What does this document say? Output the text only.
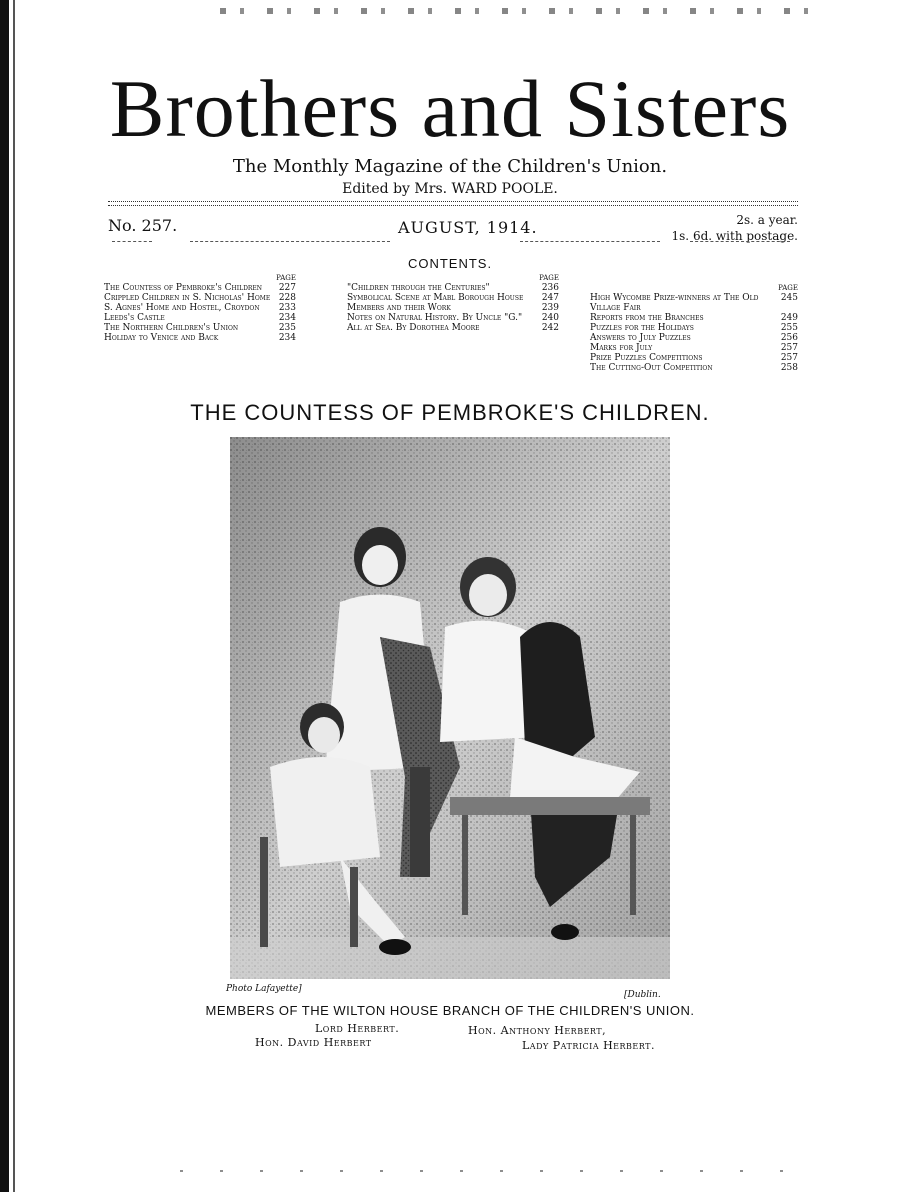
Brothers and Sisters
The Monthly Magazine of the Children's Union.
Edited by Mrs. WARD POOLE.
No. 257.	AUGUST, 1914.	2s. a year.
1s. 6d. with postage.
CONTENTS.
PAGE
The Countess of Pembroke's Children	227
Crippled Children in S. Nicholas' Home 228
S. Agnes' Home and Hostel, Croydon	233
Leeds's Castle	234
The Northern Children's Union	235
Holiday to Venice and Back	234
PAGE
"Children through the Centuries"	236
Symbolical Scene at Mabl Borough House	247
Members and their Work	239
Notes on Natural History. By Uncle "G."	240
All at Sea. By Dorothea Moore	242
PAGE
High Wycombe Prize-winners at The Old Village Fair
245
Reports from the Branches	249
Puzzles for the Holidays	255
Answers to July Puzzles	256
Marks for July	257
Prize Puzzles Competitions	257
The Cutting-Out Competition	258
THE COUNTESS OF PEMBROKE'S CHILDREN.
Photo Lafayette]
[Dublin.
MEMBERS OF THE WILTON HOUSE BRANCH OF THE CHILDREN'S UNION.
Lord Herbert.	Hon. Anthony Herbert,
Hon. David Herbert	Lady Patricia Herbert.
